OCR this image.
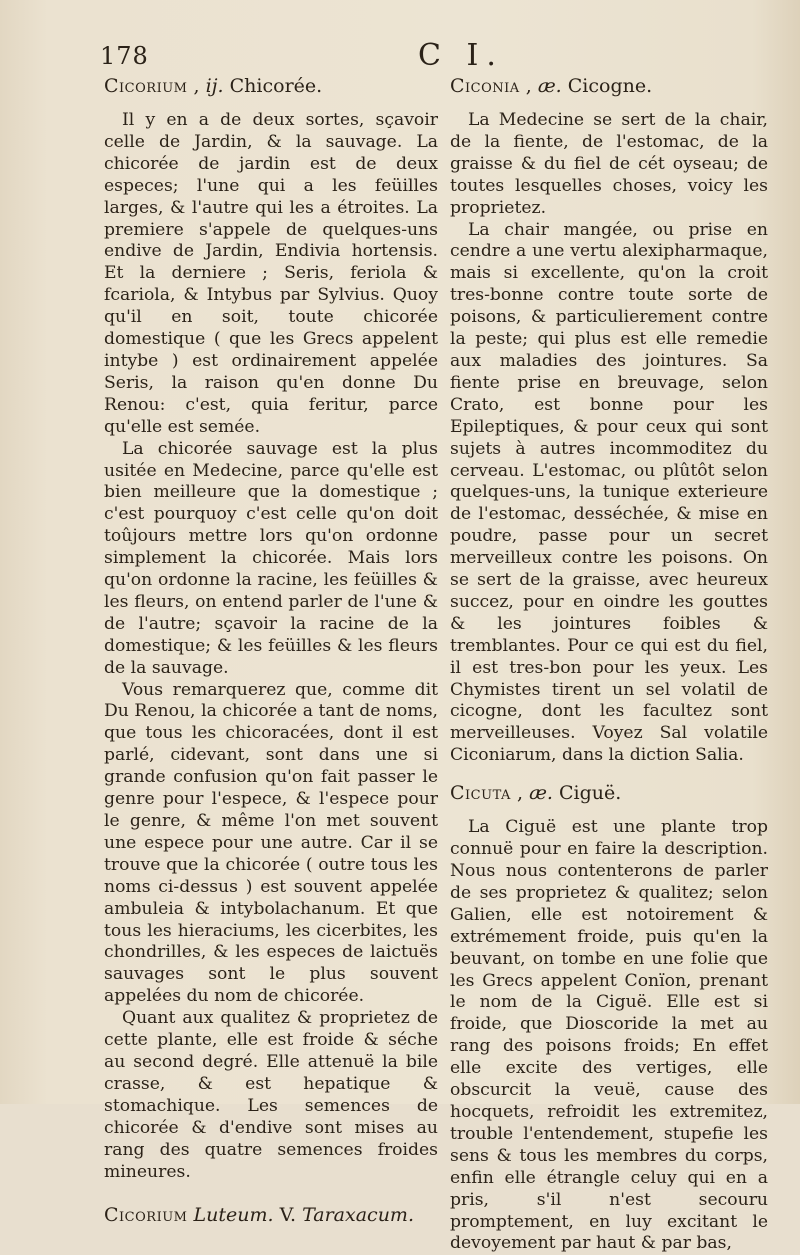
178	C I.
Cicorium , ij. Chicorée.

Il y en a de deux sortes, sçavoir celle de Jardin, & la sauvage. La chicorée de jardin est de deux especes; l'une qui a les feüilles larges, & l'autre qui les a étroites. La premiere s'appele de quelques-uns endive de Jardin, Endivia hortensis. Et la derniere ; Seris, feriola & fcariola, & Intybus par Sylvius. Quoy qu'il en soit, toute chicorée domestique ( que les Grecs appelent intybe ) est ordinairement appelée Seris, la raison qu'en donne Du Renou: c'est, quia feritur, parce qu'elle est semée.

La chicorée sauvage est la plus usitée en Medecine, parce qu'elle est bien meilleure que la domestique ; c'est pourquoy c'est celle qu'on doit toûjours mettre lors qu'on ordonne simplement la chicorée. Mais lors qu'on ordonne la racine, les feüilles & les fleurs, on entend parler de l'une & de l'autre; sçavoir la racine de la domestique; & les feüilles & les fleurs de la sauvage.

Vous remarquerez que, comme dit Du Renou, la chicorée a tant de noms, que tous les chicoracées, dont il est parlé, cidevant, sont dans une si grande confusion qu'on fait passer le genre pour l'espece, & l'espece pour le genre, & même l'on met souvent une espece pour une autre. Car il se trouve que la chicorée ( outre tous les noms ci-dessus ) est souvent appelée ambuleia & intybolachanum. Et que tous les hieraciums, les cicerbites, les chondrilles, & les especes de laictuës sauvages sont le plus souvent appelées du nom de chicorée.

Quant aux qualitez & proprietez de cette plante, elle est froide & séche au second degré. Elle attenuë la bile crasse, & est hepatique & stomachique. Les semences de chicorée & d'endive sont mises au rang des quatre semences froides mineures.

Cicorium Luteum. V. Taraxacum.
Ciconia , æ. Cicogne.

La Medecine se sert de la chair, de la fiente, de l'estomac, de la graisse & du fiel de cét oyseau; de toutes lesquelles choses, voicy les proprietez.

La chair mangée, ou prise en cendre a une vertu alexipharmaque, mais si excellente, qu'on la croit tres-bonne contre toute sorte de poisons, & particulierement contre la peste; qui plus est elle remedie aux maladies des jointures. Sa fiente prise en breuvage, selon Crato, est bonne pour les Epileptiques, & pour ceux qui sont sujets à autres incommoditez du cerveau. L'estomac, ou plûtôt selon quelques-uns, la tunique exterieure de l'estomac, desséchée, & mise en poudre, passe pour un secret merveilleux contre les poisons. On se sert de la graisse, avec heureux succez, pour en oindre les gouttes & les jointures foibles & tremblantes. Pour ce qui est du fiel, il est tres-bon pour les yeux. Les Chymistes tirent un sel volatil de cicogne, dont les facultez sont merveilleuses. Voyez Sal volatile Ciconiarum, dans la diction Salia.

Cicuta , æ. Ciguë.

La Ciguë est une plante trop connuë pour en faire la description. Nous nous contenterons de parler de ses proprietez & qualitez; selon Galien, elle est notoirement & extrémement froide, puis qu'en la beuvant, on tombe en une folie que les Grecs appelent Conïon, prenant le nom de la Ciguë. Elle est si froide, que Dioscoride la met au rang des poisons froids; En effet elle excite des vertiges, elle obscurcit la veuë, cause des hocquets, refroidit les extremitez, trouble l'entendement, stupefie les sens & tous les membres du corps, enfin elle étrangle celuy qui en a pris, s'il n'est secouru promptement, en luy excitant le devoyement par haut & par bas,
